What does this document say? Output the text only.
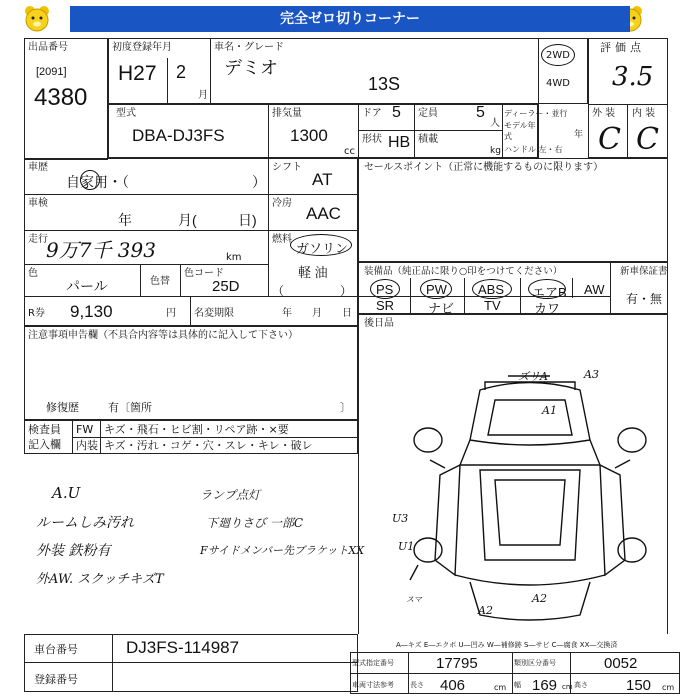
完全ゼロ切りコーナー
出品番号
[2091]
4380
初度登録年月
H27 2
月
車名・グレード
デミオ
13S
2WD
4WD
評価点
3.5
外 装 内 装
C C
型式
DBA-DJ3FS
排気量
1300
cc
ドア 5 定員 5
人
ディーラー・並行
モデル年式	年
ハンドル 左・右
形状 HB 積載
kg
車歴
自家用・（	）
シフト
AT
車検
年	月(	日)
冷房
AAC
走行
9万7千 393	km
燃料
ガソリン
軽 油
（	）
色
パール	色替
色コード
25D
R券 9,130	円 名変期限	年 月 日
注意事項申告欄（不具合内容等は具体的に記入して下さい）
修復歴	有〔箇所	〕
検査員
記入欄
FW キズ・飛石・ヒビ割・リペア跡・×要
内装 キズ・汚れ・コゲ・穴・スレ・キレ・破レ
A.U
ルームしみ汚れ
外装 鉄粉有
外AW. スクッチキズT
ランプ点灯
下廻りさび 一部C
Fサイドメンバー先ブラケットXX
セールスポイント（正常に機能するものに限ります）
装備品（純正品に限り○印をつけてください）	新車保証書
有・無
PS	PW ABS エアB AW
SR	ナビ TV	カワ
後日品
ズリA	A3
A1
U3
U1
A2
A2
スマ
車台番号	DJ3FS-114987
登録番号
A―キズ E―エクボ U―凹み W―補修跡 S―サビ C―腐食 XX―交換済
型式指定番号	17795	類別区分番号	0052
車両寸法参考 長さ 406	cm 幅 169 cm 高さ	150 cm
